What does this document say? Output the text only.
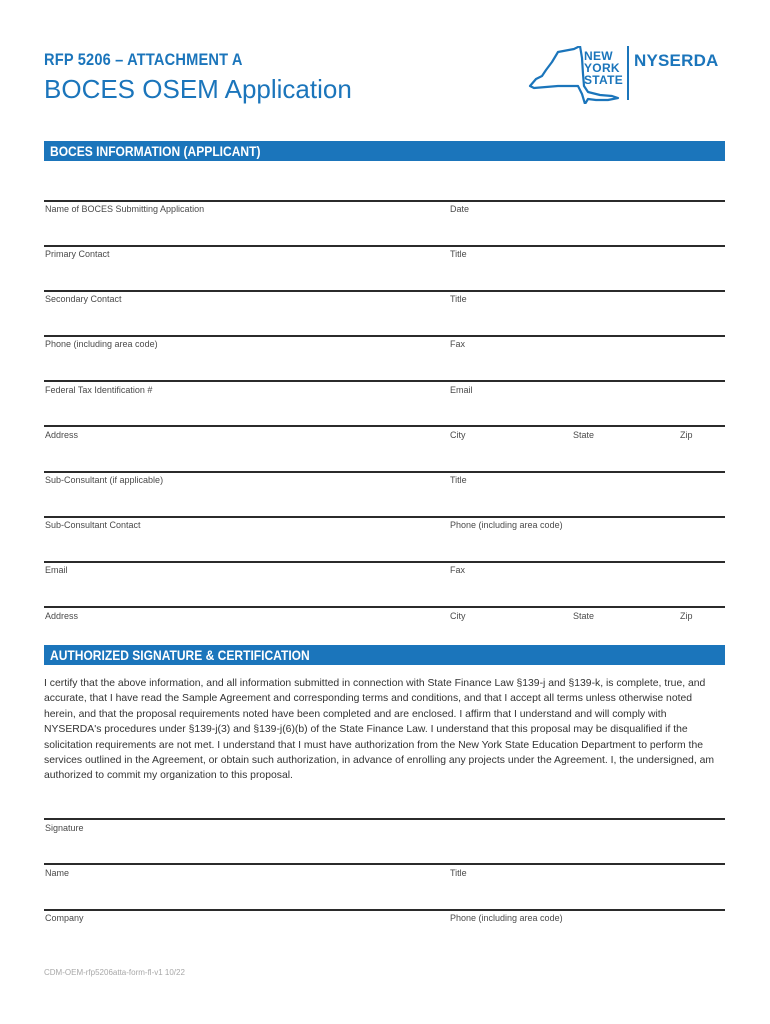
RFP 5206 – ATTACHMENT A
BOCES OSEM Application
NEW
YORK
STATE
NYSERDA
BOCES INFORMATION (APPLICANT)
Name of BOCES Submitting Application	Date
Primary Contact	Title
Secondary Contact	Title
Phone (including area code)	Fax
Federal Tax Identification #	Email
Address	City	State	Zip
Sub-Consultant (if applicable)	Title
Sub-Consultant Contact	Phone (including area code)
Email	Fax
Address	City	State	Zip
AUTHORIZED SIGNATURE & CERTIFICATION
I certify that the above information, and all information submitted in connection with State Finance Law §139-j and §139-k, is complete, true, and accurate, that I have read the Sample Agreement and corresponding terms and conditions, and that I accept all terms unless otherwise noted herein, and that the proposal requirements noted have been completed and are enclosed. I affirm that I understand and will comply with NYSERDA's procedures under §139-j(3) and §139-j(6)(b) of the State Finance Law. I understand that this proposal may be disqualified if the solicitation requirements are not met. I understand that I must have authorization from the New York State Education Department to perform the services outlined in the Agreement, or obtain such authorization, in advance of enrolling any projects under the Agreement. I, the undersigned, am authorized to commit my organization to this proposal.
Signature
Name	Title
Company	Phone (including area code)
CDM-OEM-rfp5206atta-form-fl-v1 10/22
